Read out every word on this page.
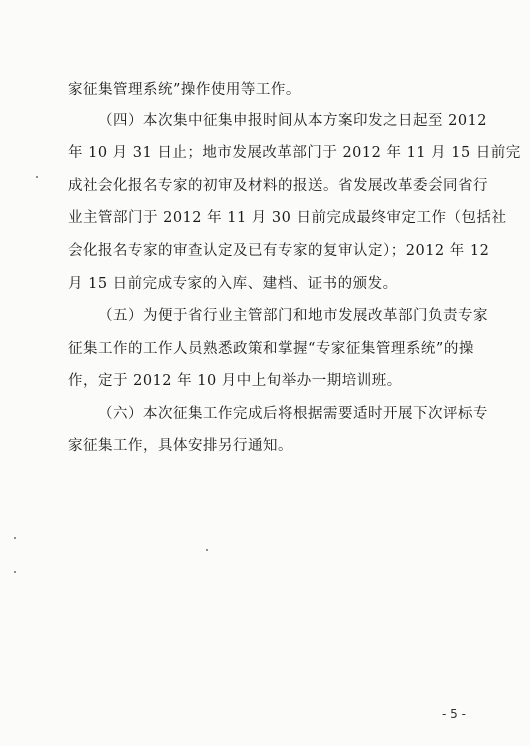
家征集管理系统”操作使用等工作。
（四）本次集中征集申报时间从本方案印发之日起至 2012
年 10 月 31 日止；地市发展改革部门于 2012 年 11 月 15 日前完
成社会化报名专家的初审及材料的报送。省发展改革委会同省行
业主管部门于 2012 年 11 月 30 日前完成最终审定工作（包括社
会化报名专家的审查认定及已有专家的复审认定）；2012 年 12
月 15 日前完成专家的入库、建档、证书的颁发。
（五）为便于省行业主管部门和地市发展改革部门负责专家
征集工作的工作人员熟悉政策和掌握“专家征集管理系统”的操
作，定于 2012 年 10 月中上旬举办一期培训班。
（六）本次征集工作完成后将根据需要适时开展下次评标专
家征集工作，具体安排另行通知。
- 5 -
